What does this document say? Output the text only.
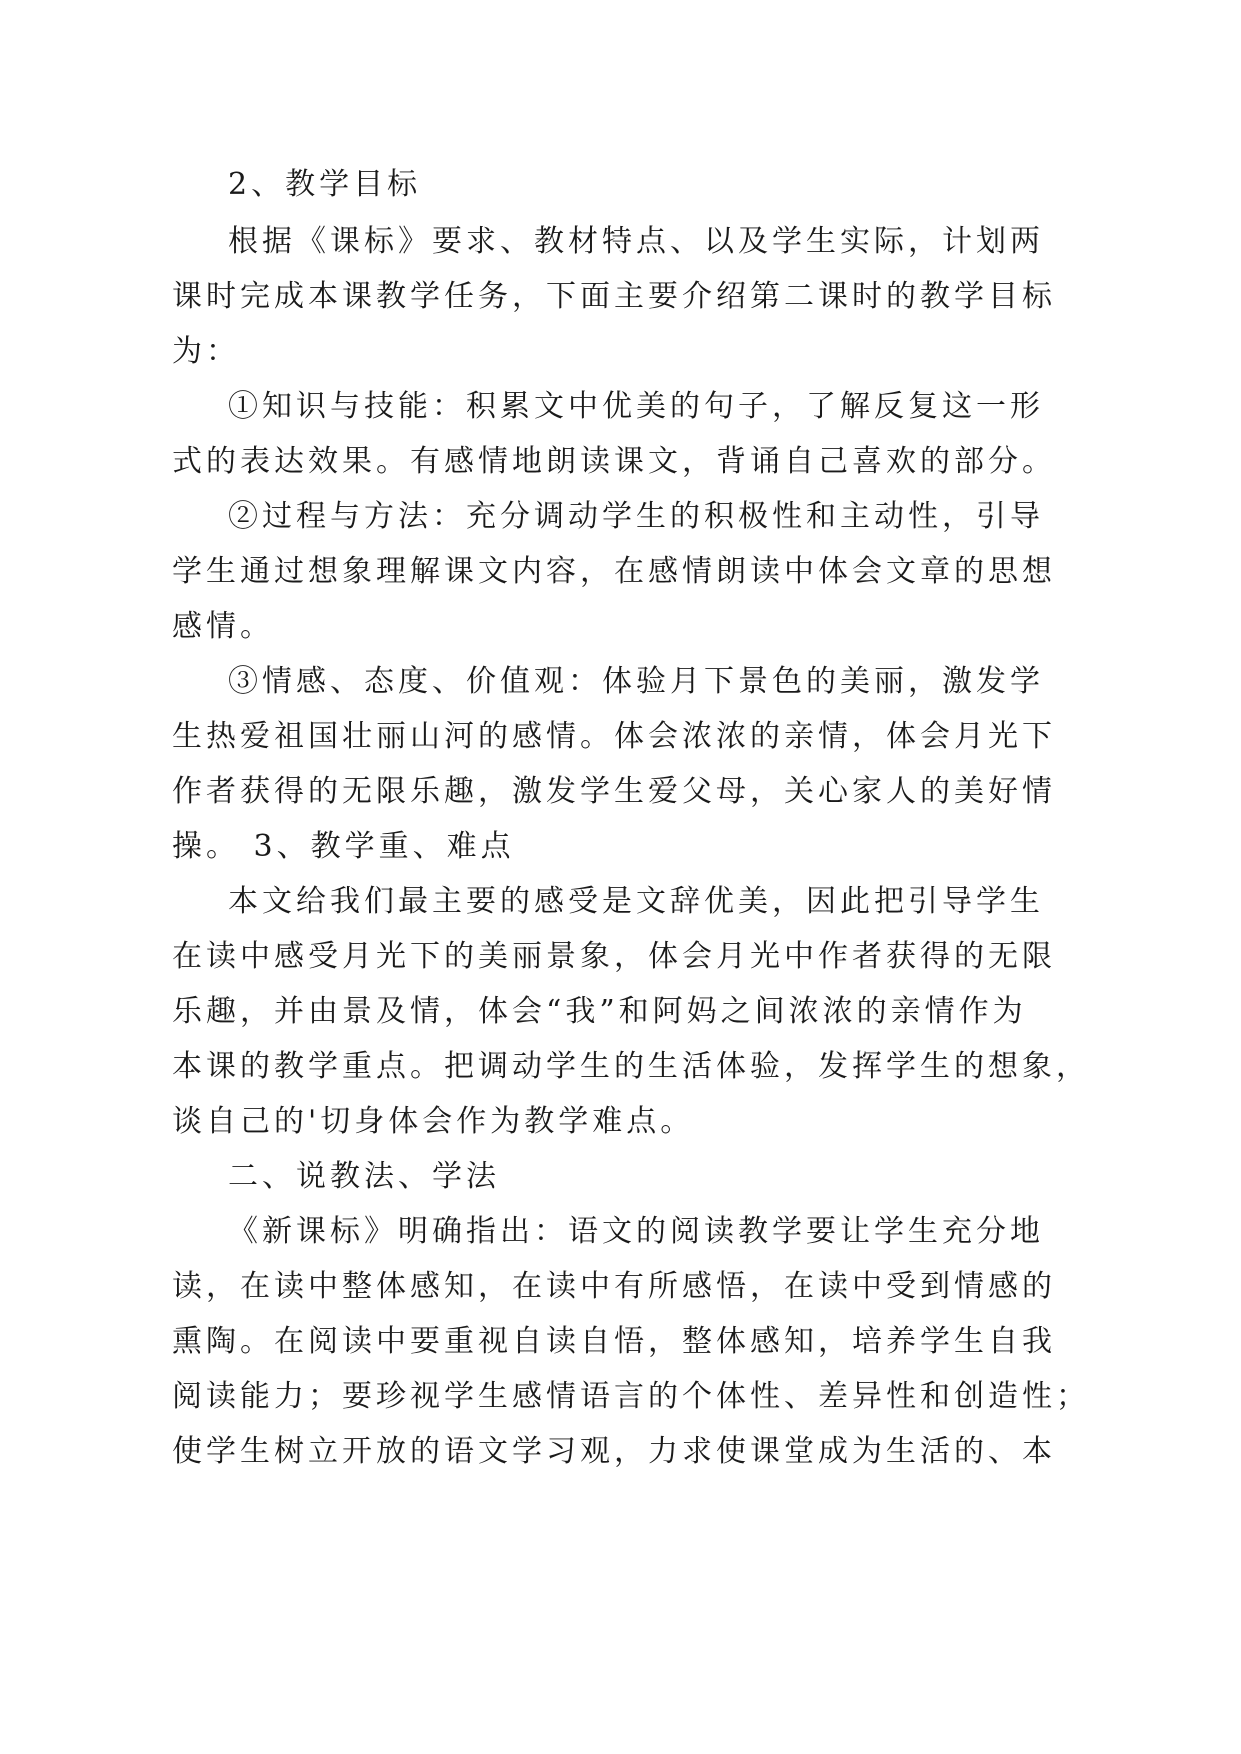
2、教学目标
根据《课标》要求、教材特点、以及学生实际，计划两
课时完成本课教学任务，下面主要介绍第二课时的教学目标
为：
①知识与技能：积累文中优美的句子，了解反复这一形
式的表达效果。有感情地朗读课文，背诵自己喜欢的部分。
②过程与方法：充分调动学生的积极性和主动性，引导
学生通过想象理解课文内容，在感情朗读中体会文章的思想
感情。
③情感、态度、价值观：体验月下景色的美丽，激发学
生热爱祖国壮丽山河的感情。体会浓浓的亲情，体会月光下
作者获得的无限乐趣，激发学生爱父母，关心家人的美好情
操。 3、教学重、难点
本文给我们最主要的感受是文辞优美，因此把引导学生
在读中感受月光下的美丽景象，体会月光中作者获得的无限
乐趣，并由景及情，体会“我”和阿妈之间浓浓的亲情作为
本课的教学重点。把调动学生的生活体验，发挥学生的想象，
谈自己的'切身体会作为教学难点。
二、说教法、学法
《新课标》明确指出：语文的阅读教学要让学生充分地
读，在读中整体感知，在读中有所感悟，在读中受到情感的
熏陶。在阅读中要重视自读自悟，整体感知，培养学生自我
阅读能力；要珍视学生感情语言的个体性、差异性和创造性；
使学生树立开放的语文学习观，力求使课堂成为生活的、本
